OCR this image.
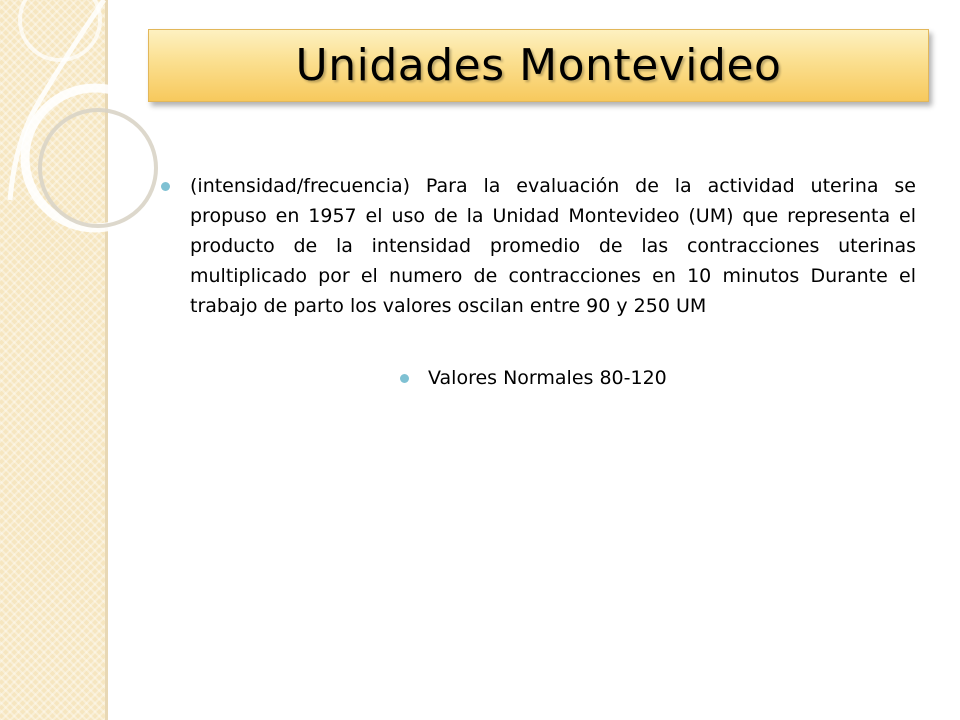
Unidades Montevideo
(intensidad/frecuencia) Para la evaluación de la actividad uterina se propuso en 1957 el uso de la Unidad Montevideo (UM) que representa el producto de la intensidad promedio de las contracciones uterinas multiplicado por el numero de contracciones en 10 minutos Durante el trabajo de parto los valores oscilan entre 90 y 250 UM
Valores Normales 80-120
